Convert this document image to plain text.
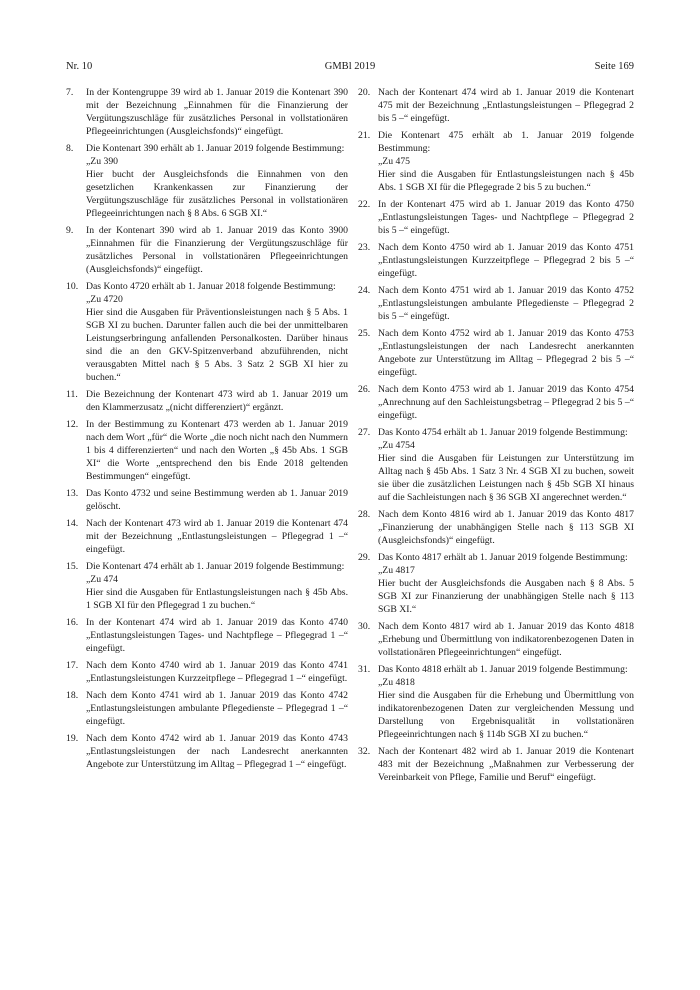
Nr. 10	GMBl 2019	Seite 169
7. In der Kontengruppe 39 wird ab 1. Januar 2019 die Kontenart 390 mit der Bezeichnung „Einnahmen für die Finanzierung der Vergütungszuschläge für zusätzliches Personal in vollstationären Pflegeeinrichtungen (Ausgleichsfonds)“ eingefügt.

8. Die Kontenart 390 erhält ab 1. Januar 2019 folgende Bestimmung:

„Zu 390

Hier bucht der Ausgleichsfonds die Einnahmen von den gesetzlichen Krankenkassen zur Finanzierung der Vergütungszuschläge für zusätzliches Personal in vollstationären Pflegeeinrichtungen nach § 8 Abs. 6 SGB XI.“

9. In der Kontenart 390 wird ab 1. Januar 2019 das Konto 3900 „Einnahmen für die Finanzierung der Vergütungszuschläge für zusätzliches Personal in vollstationären Pflegeeinrichtungen (Ausgleichsfonds)“ eingefügt.

10. Das Konto 4720 erhält ab 1. Januar 2018 folgende Bestimmung:

„Zu 4720

Hier sind die Ausgaben für Präventionsleistungen nach § 5 Abs. 1 SGB XI zu buchen. Darunter fallen auch die bei der unmittelbaren Leistungserbringung anfallenden Personalkosten. Darüber hinaus sind die an den GKV-Spitzenverband abzuführenden, nicht verausgabten Mittel nach § 5 Abs. 3 Satz 2 SGB XI hier zu buchen.“

11. Die Bezeichnung der Kontenart 473 wird ab 1. Januar 2019 um den Klammerzusatz „(nicht differenziert)“ ergänzt.

12. In der Bestimmung zu Kontenart 473 werden ab 1. Januar 2019 nach dem Wort „für“ die Worte „die noch nicht nach den Nummern 1 bis 4 differenzierten“ und nach den Worten „§ 45b Abs. 1 SGB XI“ die Worte „entsprechend den bis Ende 2018 geltenden Bestimmungen“ eingefügt.

13. Das Konto 4732 und seine Bestimmung werden ab 1. Januar 2019 gelöscht.

14. Nach der Kontenart 473 wird ab 1. Januar 2019 die Kontenart 474 mit der Bezeichnung „Entlastungsleistungen – Pflegegrad 1 –“ eingefügt.

15. Die Kontenart 474 erhält ab 1. Januar 2019 folgende Bestimmung:

„Zu 474

Hier sind die Ausgaben für Entlastungsleistungen nach § 45b Abs. 1 SGB XI für den Pflegegrad 1 zu buchen.“

16. In der Kontenart 474 wird ab 1. Januar 2019 das Konto 4740 „Entlastungsleistungen Tages- und Nachtpflege – Pflegegrad 1 –“ eingefügt.

17. Nach dem Konto 4740 wird ab 1. Januar 2019 das Konto 4741 „Entlastungsleistungen Kurzzeitpflege – Pflegegrad 1 –“ eingefügt.

18. Nach dem Konto 4741 wird ab 1. Januar 2019 das Konto 4742 „Entlastungsleistungen ambulante Pflegedienste – Pflegegrad 1 –“ eingefügt.

19. Nach dem Konto 4742 wird ab 1. Januar 2019 das Konto 4743 „Entlastungsleistungen der nach Landesrecht anerkannten Angebote zur Unterstützung im Alltag – Pflegegrad 1 –“ eingefügt.

20. Nach der Kontenart 474 wird ab 1. Januar 2019 die Kontenart 475 mit der Bezeichnung „Entlastungsleistungen – Pflegegrad 2 bis 5 –“ eingefügt.

21. Die Kontenart 475 erhält ab 1. Januar 2019 folgende Bestimmung:

„Zu 475

Hier sind die Ausgaben für Entlastungsleistungen nach § 45b Abs. 1 SGB XI für die Pflegegrade 2 bis 5 zu buchen.“

22. In der Kontenart 475 wird ab 1. Januar 2019 das Konto 4750 „Entlastungsleistungen Tages- und Nachtpflege – Pflegegrad 2 bis 5 –“ eingefügt.

23. Nach dem Konto 4750 wird ab 1. Januar 2019 das Konto 4751 „Entlastungsleistungen Kurzzeitpflege – Pflegegrad 2 bis 5 –“ eingefügt.

24. Nach dem Konto 4751 wird ab 1. Januar 2019 das Konto 4752 „Entlastungsleistungen ambulante Pflegedienste – Pflegegrad 2 bis 5 –“ eingefügt.

25. Nach dem Konto 4752 wird ab 1. Januar 2019 das Konto 4753 „Entlastungsleistungen der nach Landesrecht anerkannten Angebote zur Unterstützung im Alltag – Pflegegrad 2 bis 5 –“ eingefügt.

26. Nach dem Konto 4753 wird ab 1. Januar 2019 das Konto 4754 „Anrechnung auf den Sachleistungsbetrag – Pflegegrad 2 bis 5 –“ eingefügt.

27. Das Konto 4754 erhält ab 1. Januar 2019 folgende Bestimmung:

„Zu 4754

Hier sind die Ausgaben für Leistungen zur Unterstützung im Alltag nach § 45b Abs. 1 Satz 3 Nr. 4 SGB XI zu buchen, soweit sie über die zusätzlichen Leistungen nach § 45b SGB XI hinaus auf die Sachleistungen nach § 36 SGB XI angerechnet werden.“

28. Nach dem Konto 4816 wird ab 1. Januar 2019 das Konto 4817 „Finanzierung der unabhängigen Stelle nach § 113 SGB XI (Ausgleichsfonds)“ eingefügt.

29. Das Konto 4817 erhält ab 1. Januar 2019 folgende Bestimmung:

„Zu 4817

Hier bucht der Ausgleichsfonds die Ausgaben nach § 8 Abs. 5 SGB XI zur Finanzierung der unabhängigen Stelle nach § 113 SGB XI.“

30. Nach dem Konto 4817 wird ab 1. Januar 2019 das Konto 4818 „Erhebung und Übermittlung von indikatorenbezogenen Daten in vollstationären Pflegeeinrichtungen“ eingefügt.

31. Das Konto 4818 erhält ab 1. Januar 2019 folgende Bestimmung:

„Zu 4818

Hier sind die Ausgaben für die Erhebung und Übermittlung von indikatorenbezogenen Daten zur vergleichenden Messung und Darstellung von Ergebnisqualität in vollstationären Pflegeeinrichtungen nach § 114b SGB XI zu buchen.“

32. Nach der Kontenart 482 wird ab 1. Januar 2019 die Kontenart 483 mit der Bezeichnung „Maßnahmen zur Verbesserung der Vereinbarkeit von Pflege, Familie und Beruf“ eingefügt.
